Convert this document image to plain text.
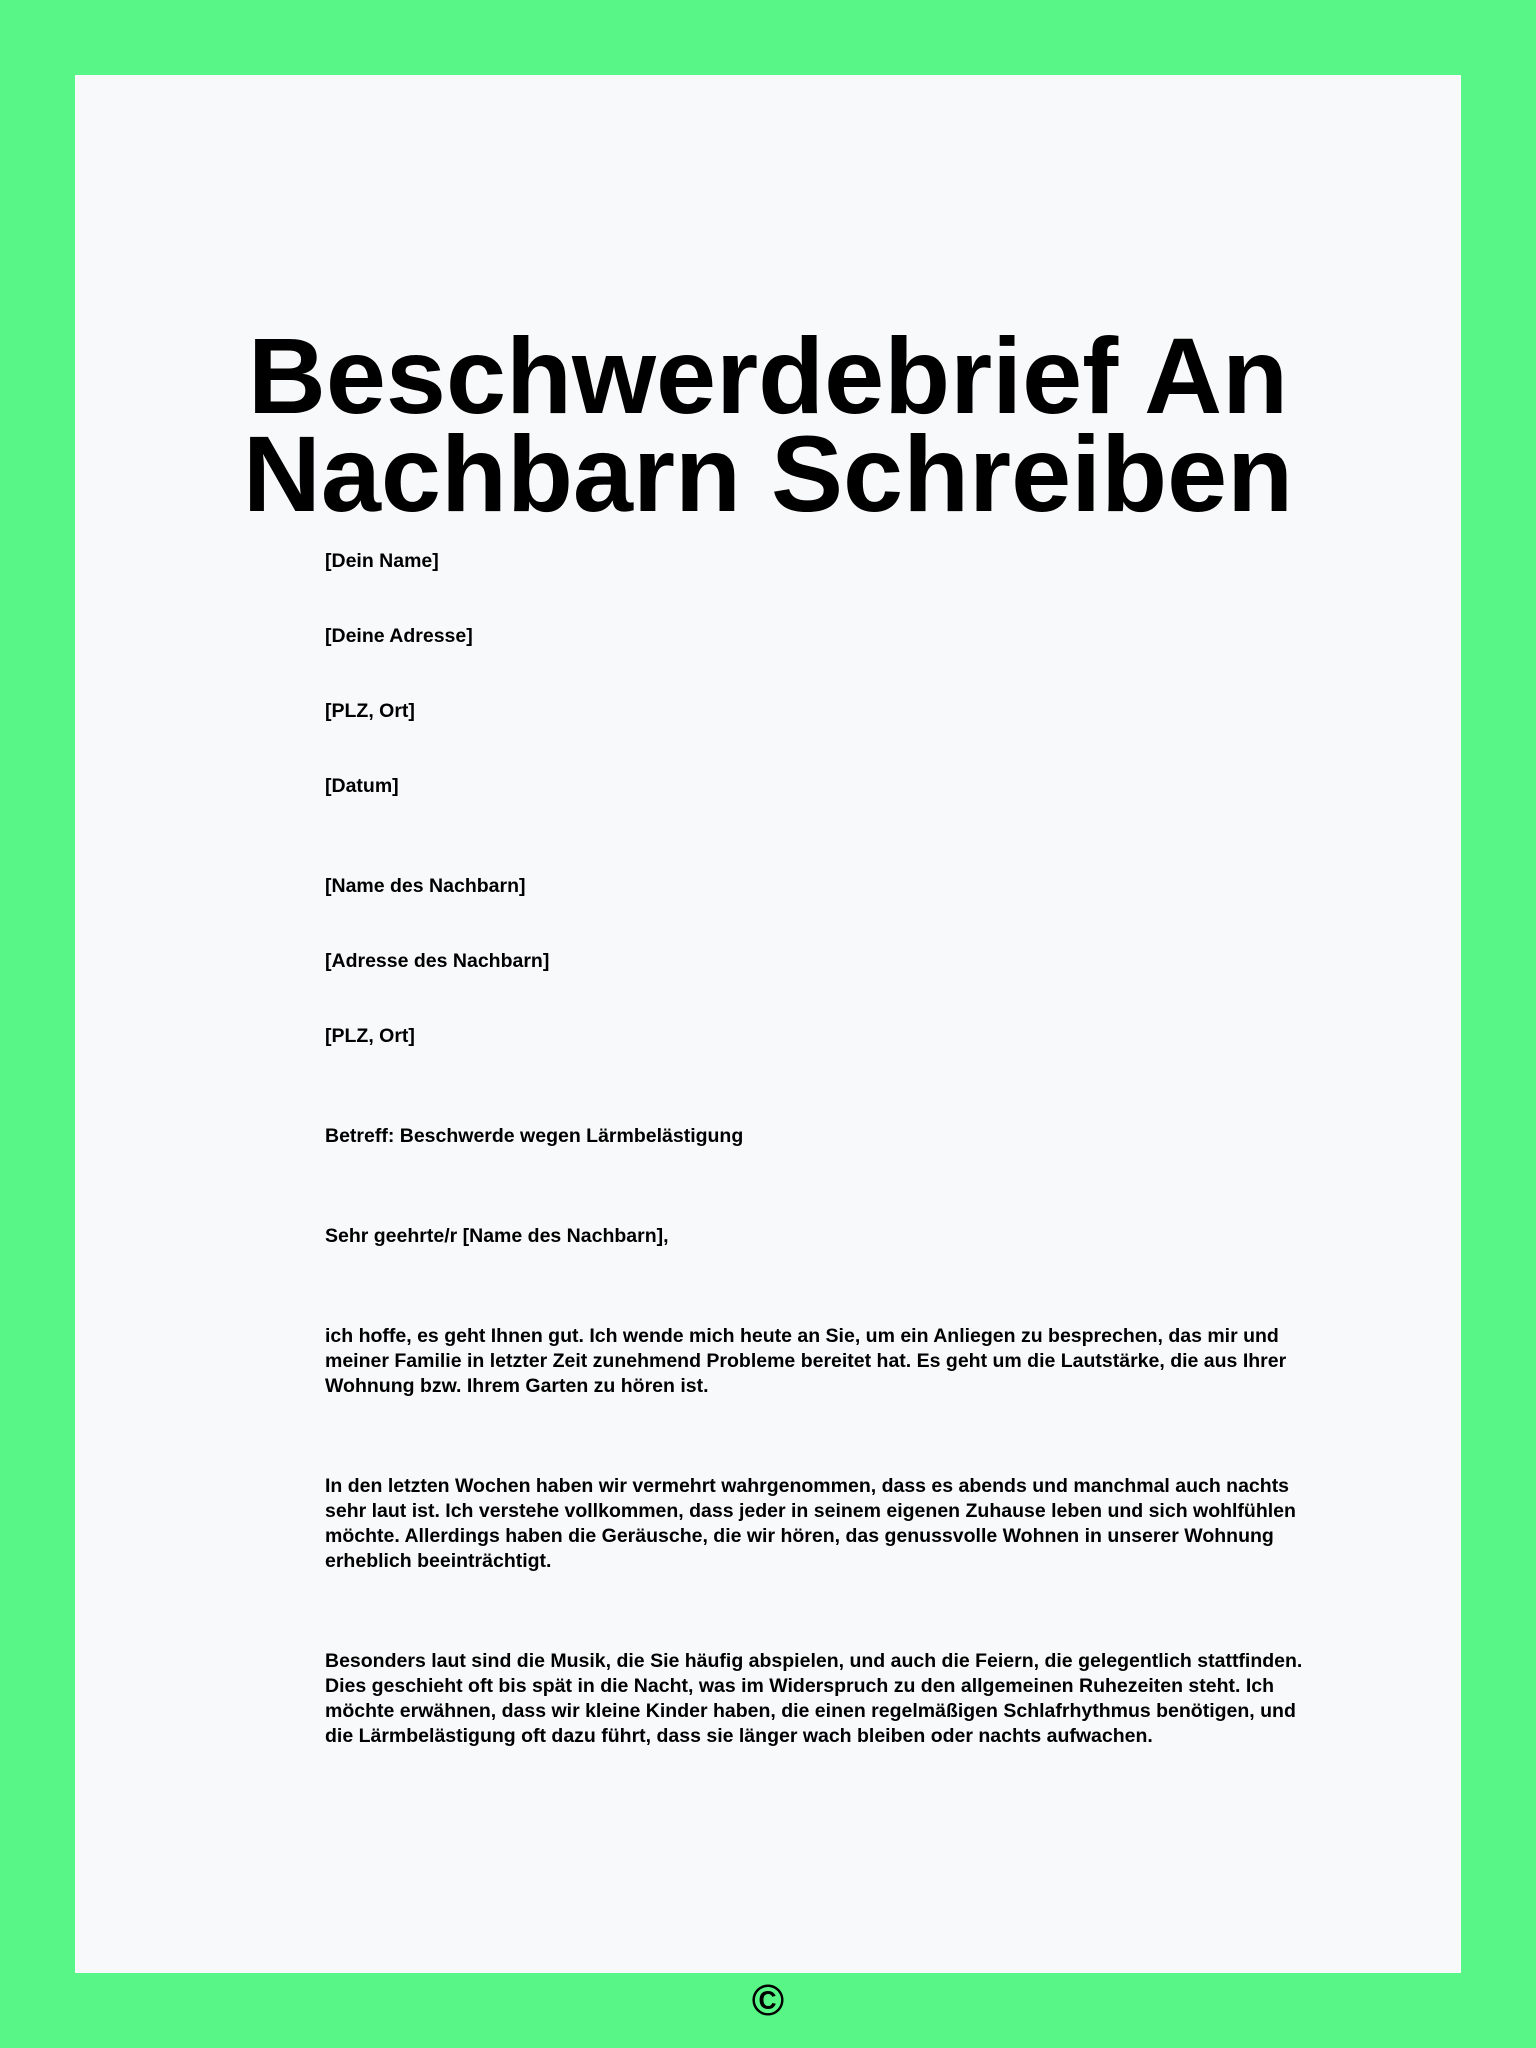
Beschwerdebrief An
Nachbarn Schreiben

[Dein Name]

[Deine Adresse]

[PLZ, Ort]

[Datum]

[Name des Nachbarn]

[Adresse des Nachbarn]

[PLZ, Ort]

Betreff: Beschwerde wegen Lärmbelästigung

Sehr geehrte/r [Name des Nachbarn],

ich hoffe, es geht Ihnen gut. Ich wende mich heute an Sie, um ein Anliegen zu besprechen, das mir und
meiner Familie in letzter Zeit zunehmend Probleme bereitet hat. Es geht um die Lautstärke, die aus Ihrer
Wohnung bzw. Ihrem Garten zu hören ist.
In den letzten Wochen haben wir vermehrt wahrgenommen, dass es abends und manchmal auch nachts
sehr laut ist. Ich verstehe vollkommen, dass jeder in seinem eigenen Zuhause leben und sich wohlfühlen
möchte. Allerdings haben die Geräusche, die wir hören, das genussvolle Wohnen in unserer Wohnung
erheblich beeinträchtigt.
Besonders laut sind die Musik, die Sie häufig abspielen, und auch die Feiern, die gelegentlich stattfinden.
Dies geschieht oft bis spät in die Nacht, was im Widerspruch zu den allgemeinen Ruhezeiten steht. Ich
möchte erwähnen, dass wir kleine Kinder haben, die einen regelmäßigen Schlafrhythmus benötigen, und
die Lärmbelästigung oft dazu führt, dass sie länger wach bleiben oder nachts aufwachen.
©
